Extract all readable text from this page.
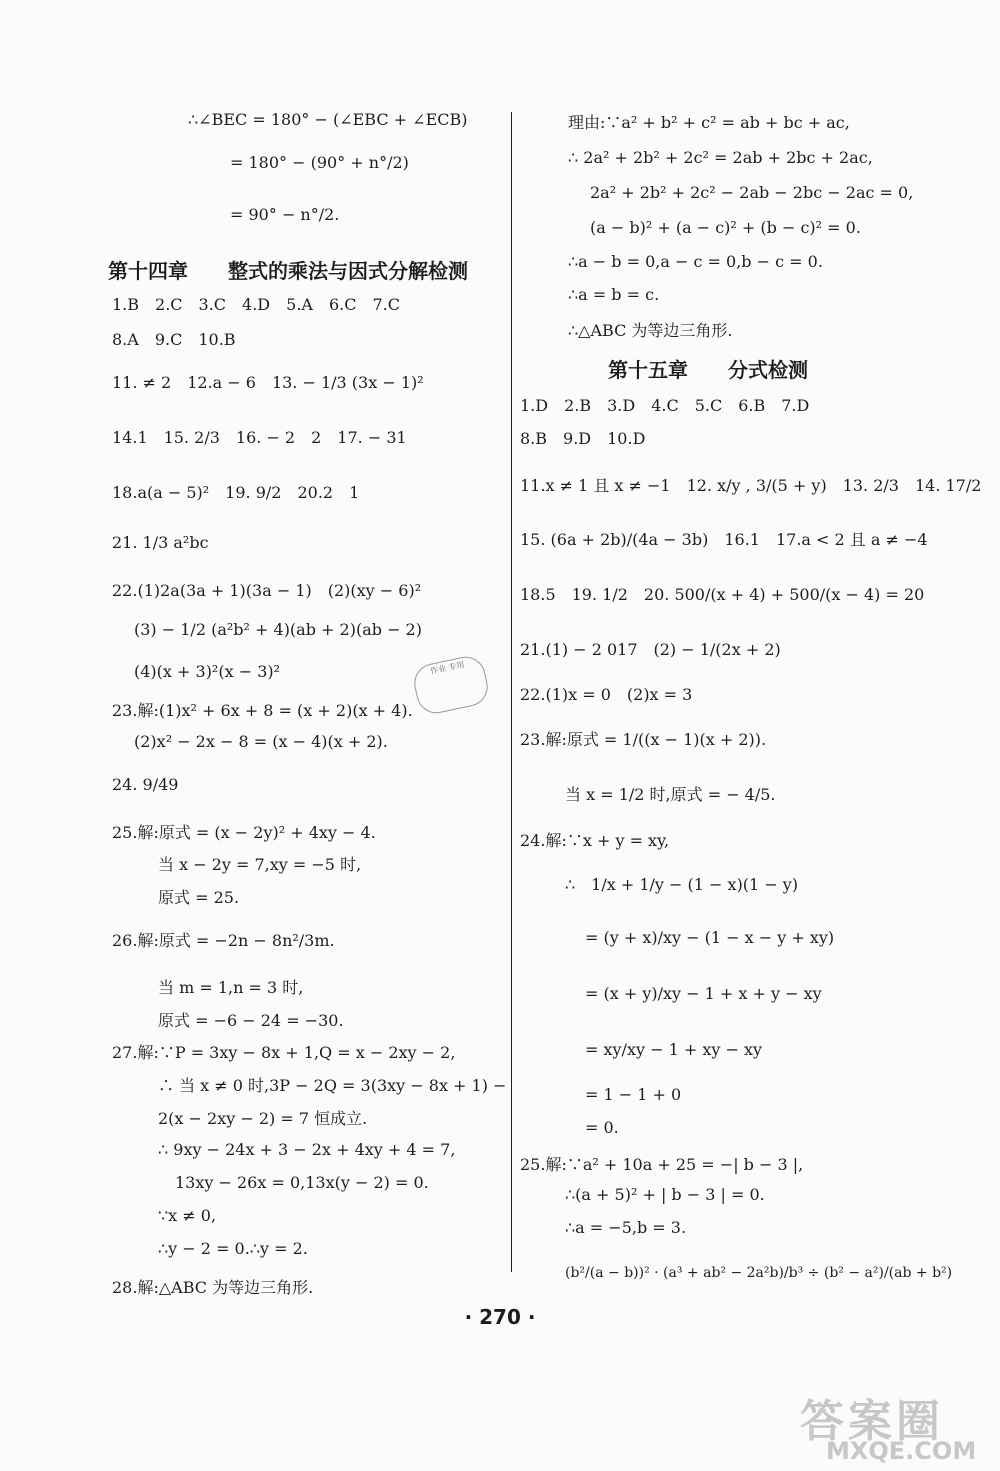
∴∠BEC = 180° − (∠EBC + ∠ECB)
= 180° − (90° + n°/2)
= 90° − n°/2.
第十四章　　整式的乘法与因式分解检测
1.B　2.C　3.C　4.D　5.A　6.C　7.C
8.A　9.C　10.B
11. ≠ 2　12.a − 6　13. − 1/3 (3x − 1)²
14.1　15. 2/3　16. − 2　2　17. − 31
18.a(a − 5)²　19. 9/2　20.2　1
21. 1/3 a²bc
22.(1)2a(3a + 1)(3a − 1)　(2)(xy − 6)²
(3) − 1/2 (a²b² + 4)(ab + 2)(ab − 2)
(4)(x + 3)²(x − 3)²
23.解:(1)x² + 6x + 8 = (x + 2)(x + 4).
(2)x² − 2x − 8 = (x − 4)(x + 2).
24. 9/49
25.解:原式 = (x − 2y)² + 4xy − 4.
当 x − 2y = 7,xy = −5 时,
原式 = 25.
26.解:原式 = −2n − 8n²/3m.
当 m = 1,n = 3 时,
原式 = −6 − 24 = −30.
27.解:∵P = 3xy − 8x + 1,Q = x − 2xy − 2,
∴ 当 x ≠ 0 时,3P − 2Q = 3(3xy − 8x + 1) −
2(x − 2xy − 2) = 7 恒成立.
∴ 9xy − 24x + 3 − 2x + 4xy + 4 = 7,
13xy − 26x = 0,13x(y − 2) = 0.
∵x ≠ 0,
∴y − 2 = 0.∴y = 2.
28.解:△ABC 为等边三角形.
理由:∵a² + b² + c² = ab + bc + ac,
∴ 2a² + 2b² + 2c² = 2ab + 2bc + 2ac,
2a² + 2b² + 2c² − 2ab − 2bc − 2ac = 0,
(a − b)² + (a − c)² + (b − c)² = 0.
∴a − b = 0,a − c = 0,b − c = 0.
∴a = b = c.
∴△ABC 为等边三角形.
第十五章　　分式检测
1.D　2.B　3.D　4.C　5.C　6.B　7.D
8.B　9.D　10.D
11.x ≠ 1 且 x ≠ −1　12. x/y , 3/(5 + y)　13. 2/3　14. 17/2
15. (6a + 2b)/(4a − 3b)　16.1　17.a < 2 且 a ≠ −4
18.5　19. 1/2　20. 500/(x + 4) + 500/(x − 4) = 20
21.(1) − 2 017　(2) − 1/(2x + 2)
22.(1)x = 0　(2)x = 3
23.解:原式 = 1/((x − 1)(x + 2)).
当 x = 1/2 时,原式 = − 4/5.
24.解:∵x + y = xy,
∴　1/x + 1/y − (1 − x)(1 − y)
= (y + x)/xy − (1 − x − y + xy)
= (x + y)/xy − 1 + x + y − xy
= xy/xy − 1 + xy − xy
= 1 − 1 + 0
= 0.
25.解:∵a² + 10a + 25 = −| b − 3 |,
∴(a + 5)² + | b − 3 | = 0.
∴a = −5,b = 3.
(b²/(a − b))² · (a³ + ab² − 2a²b)/b³ ÷ (b² − a²)/(ab + b²)
· 270 ·
作业 专用
答案圈
MXQE.COM
